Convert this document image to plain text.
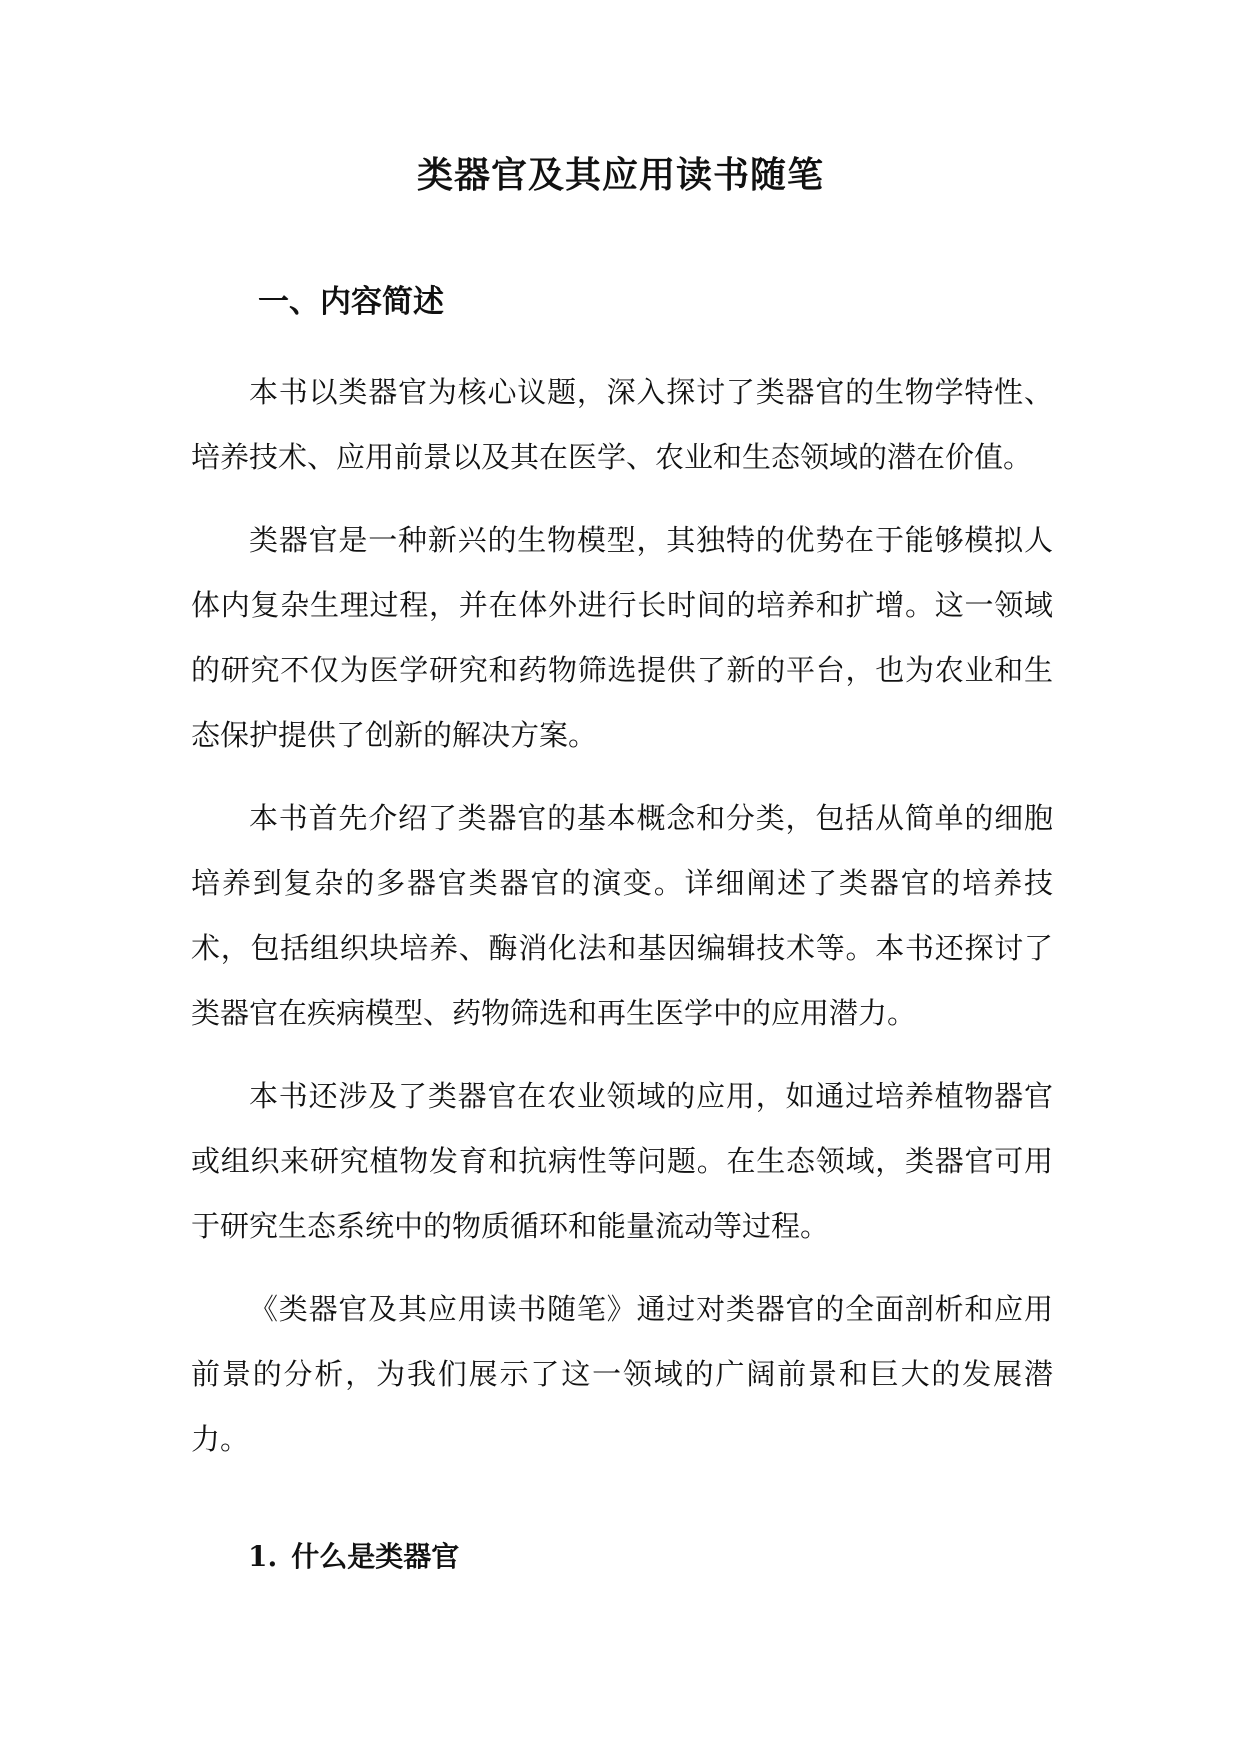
类器官及其应用读书随笔
一、内容简述

本书以类器官为核心议题，深入探讨了类器官的生物学特性、培养技术、应用前景以及其在医学、农业和生态领域的潜在价值。

类器官是一种新兴的生物模型，其独特的优势在于能够模拟人体内复杂生理过程，并在体外进行长时间的培养和扩增。这一领域的研究不仅为医学研究和药物筛选提供了新的平台，也为农业和生态保护提供了创新的解决方案。

本书首先介绍了类器官的基本概念和分类，包括从简单的细胞培养到复杂的多器官类器官的演变。详细阐述了类器官的培养技术，包括组织块培养、酶消化法和基因编辑技术等。本书还探讨了类器官在疾病模型、药物筛选和再生医学中的应用潜力。

本书还涉及了类器官在农业领域的应用，如通过培养植物器官或组织来研究植物发育和抗病性等问题。在生态领域，类器官可用于研究生态系统中的物质循环和能量流动等过程。

《类器官及其应用读书随笔》通过对类器官的全面剖析和应用前景的分析，为我们展示了这一领域的广阔前景和巨大的发展潜力。

1. 什么是类器官
